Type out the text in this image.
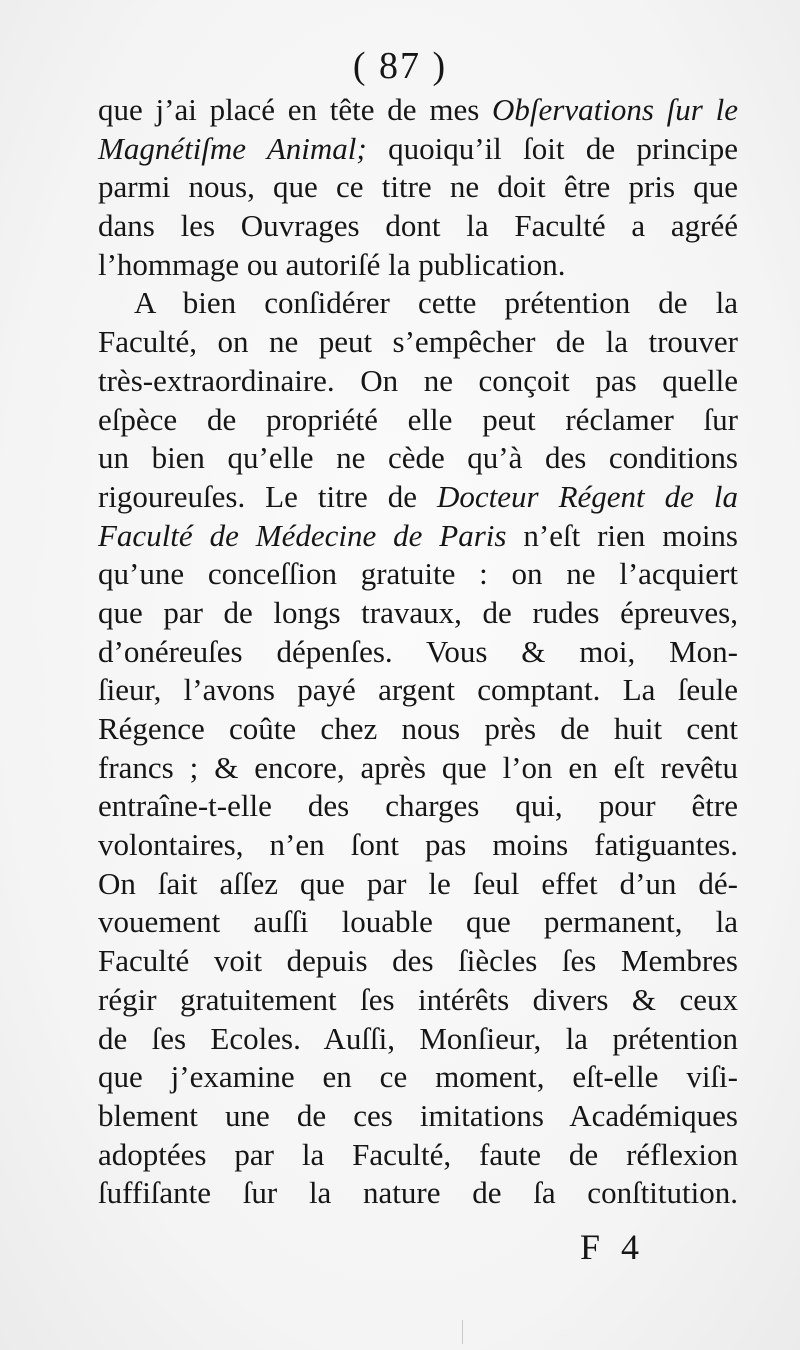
( 87 )
que j’ai placé en tête de mes Obſervations ſur le
Magnétiſme Animal; quoiqu’il ſoit de principe
parmi nous, que ce titre ne doit être pris que
dans les Ouvrages dont la Faculté a agréé
l’hommage ou autoriſé la publication.
A bien conſidérer cette prétention de la
Faculté, on ne peut s’empêcher de la trouver
très-extraordinaire. On ne conçoit pas quelle
eſpèce de propriété elle peut réclamer ſur
un bien qu’elle ne cède qu’à des conditions
rigoureuſes. Le titre de Docteur Régent de la
Faculté de Médecine de Paris n’eſt rien moins
qu’une conceſſion gratuite : on ne l’acquiert
que par de longs travaux, de rudes épreuves,
d’onéreuſes dépenſes. Vous & moi, Mon-
ſieur, l’avons payé argent comptant. La ſeule
Régence coûte chez nous près de huit cent
francs ; & encore, après que l’on en eſt revêtu
entraîne-t-elle des charges qui, pour être
volontaires, n’en ſont pas moins fatiguantes.
On ſait aſſez que par le ſeul effet d’un dé-
vouement auſſi louable que permanent, la
Faculté voit depuis des ſiècles ſes Membres
régir gratuitement ſes intérêts divers & ceux
de ſes Ecoles. Auſſi, Monſieur, la prétention
que j’examine en ce moment, eſt-elle viſi-
blement une de ces imitations Académiques
adoptées par la Faculté, faute de réflexion
ſuffiſante ſur la nature de ſa conſtitution.
F 4
